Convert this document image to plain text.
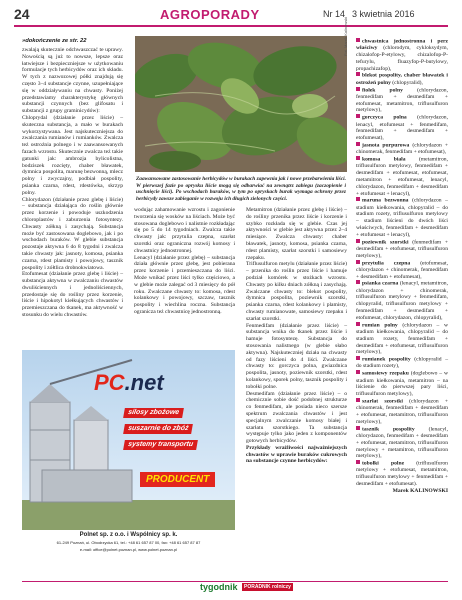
24	AGROPORADY	Nr 14 3 kwietnia 2016
»dokończenie ze str. 22

zwalają skutecznie odchwaszczać te uprawy. Nowością są już to nowsze, lepsze oraz łatwiejsze i bezpieczniejsze w użytkowaniu formulacje tych herbicydów oraz ich składu. W tych z nazwozowej półki znajdują się często 3–4 substancje czynne, uzupełniające się w oddziaływaniu na chwasty. Poniżej przedstawiamy charakterystykę głównych substancji czynnych (bez glifosatu i substancji z grupy graminicydów):

Chloprydal (działanie przez liście) – skuteczna substancja, a mało w burakach wykorzystywana. Jest najskuteczniejsza do zwalczania rumianów i rumianków. Zwalcza też ostrożnia polnego i w zaawansowanych fazach wzrostu. Skutecznie zwalcza też takie gatunki jak: ambrozja bylicolistna, bodziszek rozcięty, chaber bławatek, dymnica pospolita, marunę bezwonną, mlecz polny i zwyczajny, podbiał pospolity, psianka czarna, rdest, rdestówka, skrzyp polny.

Chlorydazon (działanie przez glebę i liście) – substancja działająca do roślin głównie przez korzenie i powoduje uszkodzenia chloroplastów i zaburzenia fotosyntezy. Chwasty zółkną i zasychają. Substancja może być zastosowana doglebowo, jak i po wschodach buraków. W glebie substancja pozostaje aktywna 6 do 8 tygodni i zwalcza takie chwasty jak: jasnoty, komosa, psianka czarna, rdest plamisty i powojowy, tasznik pospolity i zółtlica drobnokwiatowa.

Etofumesat (działanie przez glebę i liście) – substancja aktywna w zwalczaniu chwastów dwuliściennych i jednoliściennych, przedostaje się do rośliny przez korzenie, liście i hipokotyl kiełkujących chwastów i przemieszczana do tkanek, ma aktywność w stosunku do wielu chwastów.

Fot. Marek Kalinowski
Zaawansowane zastosowanie herbicydów w burakach zapewnia jak i nowe przebarwienia liści. W pierwszej fazie po oprysku liście mogą się odbarwiać na zewnątrz zabiegu (zaczopienie i uschnięcie liści). Po wschodach buraków, w tym po opryskach burak wymaga ochrony przez herbicydy zawsze zabieganie w rozwoju ich długich zielonych części.

wodując zahamowanie wzrostu i zagonienie tworzenia się wosków na liściach. Może być stosowana doglebowo i nalistnie rozkładając się po 5 do 14 tygodniach. Zwalcza takie chwasty jak: przytulia czepna, szarłat szorstki oraz ograniczna rozwój komosy i chwastnicy jednostronnej.

Lenacyl (działanie przez glebę) – substancja działa głównie przez glebę, jest pobierana przez korzenie i przemieszczana do liści. Może wnikać przez liści tylko częściowo, a w glebie może zalegać od 3 miesięcy do pół roku. Zwalczane chwasty to: komosa, rdest kolankowy i powojowy, szczaw, tasznik pospolity i wiechlina roczna. Substancja ogranicza też chwastnicę jednostronną.

Metamitron (działanie przez glebę i liście) – do rośliny przenika przez liście i korzenie i szybko rozkłada się w glebie. Czas jej aktywności w glebie jest aktywna przez 2–4 miesiące. Zwalcza chwasty: chaber bławatek, jasnoty, komosa, psianka czarna, rdest plamisty, szarłat szorstki i samosiewy rzepaku.

Triflusulfuron metylu (działanie przez liście) – przenika do roślin przez liście i hamuje podział komórek w stożkach wzrostu. Chwasty po kilku dniach zółkną i zasychają. Zwalczane chwasty to: blekot pospolity, dymnica pospolita, poziewnik szorstki, psianka czarna, rdest kolankowy i plamisty, chwasty rumianowate, samosiewy rzepaku i szarłat szorstki.

Fenmedifam (działanie przez liście) – substancja wnika do tkanek przez liście i hamuje fotosyntezę. Substancja do stosowania nalistnego (w glebie słabo aktywna). Najskuteczniej działa na chwasty od fazy liścieni do 4 liści. Zwalczane chwasty to: gorczyca polna, gwiazdnica pospolita, jasnoty, poziewnik szorstki, rdest kolankowy, sporek polny, tasznik pospolity i tobołki polne.

Desmedifam (działanie przez liście) – o chemicznie sobie dość podobnej strukturze co fenmedifam, ale posiada nieco szersze spektrum zwalczania chwastów i jest specjalnym zwalczanie komosy białej i szarłatu szorstkiego. Ta substancja występuje tylko jako jeden z komponentów gotowych herbicydów.

Przykłady wrażliwości najważniejszych chwastów w uprawie buraków cukrowych na substancje czynne herbicydów:

chwastnica jednostronna i perz właściwy (chlorodym, cykloksydym, chizalofop-P-etylowy, chizalofop-P-tefurylu, fluazyfop-P-butylowy, propachizafop),

blekot pospolity, chaber bławatek i ostrożeń polny (chlopyralid),

fiołek polny	(chlorydazon, fenmedifam + desmedifam + etofumesat, metamitron, triflusulfuron metylowy),

gorczyca polna (chlorydazon, lenacyl, etofumesat + fenmedifam, fenmedifam + desmedifam + etofumesat),

jasnota purpurowa (chlorydazon + chinomerak, fenmedifam + etofumesat),

komosa biała (metamitron, triflusulfuron metylowy, fenmedifam + desmedifam + etofumesat, etofumesat, metamitron + etofumesat, lenacyl, chlorydazon, fenmedifam + desmedifam + etofumesat + lenacyl),

maruna bezwonna (chlorydazon – stadium kiełkowania, chlopyralid – do stadium rozety, triflusulfuron metylowy – stadium liścieni do dwóch liści właściwych, fenmedifam + desmedifam + etofumesat + lenacyl),

poziewnik szorstki (fenmedifam + desmedifam + etofumesat, triflusulfuron metylowy),

przytulia czepna (etofumesat, chlorydazon + chinomerak, fenmedifam + desmedifam + etofumesat),

psianka czarna (lenacyl, metamitron, chlorydazon + chinomerak, triflusulfuron metylowy + fenmedifam, chlopyralid, triflusulfuron metylowy + fenmedifam + desmedifam + etofumesat, chlorydazon, chlopyralid),

rumian polny (chlorydazon – w stadium kiełkowania, chlopyralid – do stadium rozety, fenmedifam + desmedifam + etofumesat, triflusulfuron metylowy),

rumianek pospolity (chlopyralid – do stadium rozety),

samosiewy rzepaku (doglebowo – w stadium kiełkowania, metamitron – na liścienie do pierwszej pary liści, triflusulfuron metylowy),

szarłat szorstki (chlorydazon + chinomerak, fenmedifam + desmedifam + etofumesat, metamitron, triflusulfuron metylowy),

tasznik pospolity (lenacyl, chlorydazon, fenmedifam + desmedifam + etofumesat, metamitron, triflusulfuron metylowy + metamitron, triflusulfuron metylowy),

tobołki polne (triflusulfuron metylowy + etofumesat, metamitron, triflusulfuron metylowy + fenmedifam + desmedifam + etofumesat).

Marek KALINOWSKI

PC.net
silosy zbożowe
suszarnie do zbóż
systemy transportu
PRODUCENT
Polnet sp. z o.o. i Wspólnicy sp. k.
61-249 Poznań, ul. Obodrzycka 61, tel.: +48 61 657 87 00, fax: +48 61 657 87 87
e-mail: office@polnet.poznan.pl, www.polnet.poznan.pl
tygodnik	PORADNIK rolniczy
